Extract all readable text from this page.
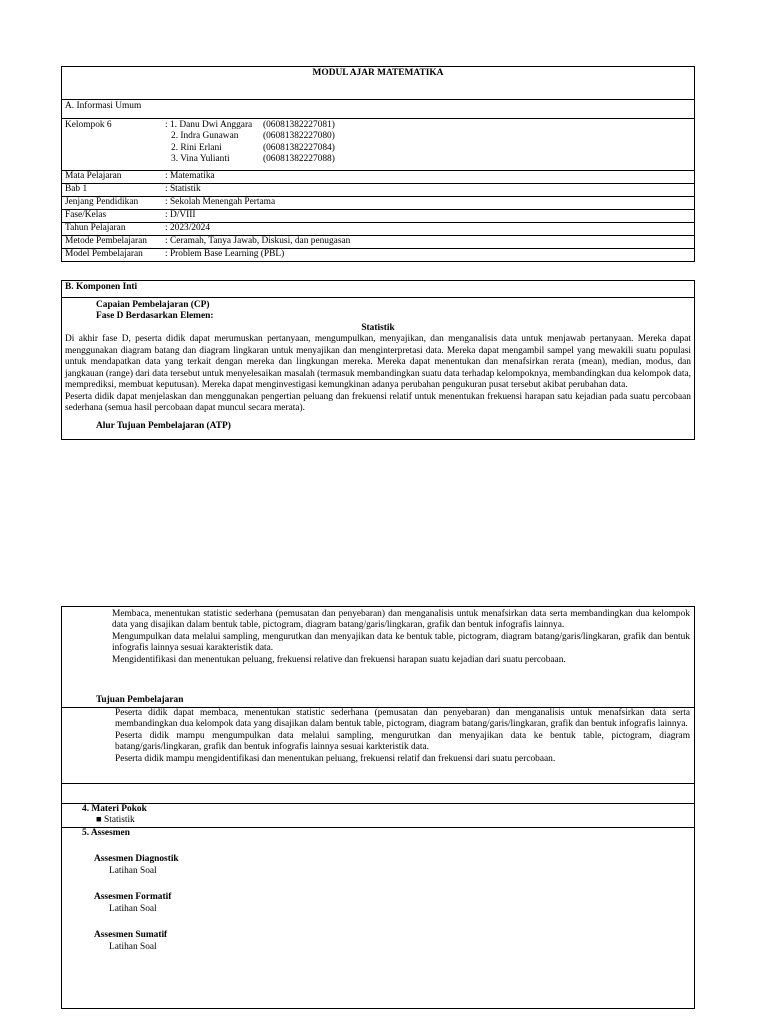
MODUL AJAR MATEMATIKA
A. Informasi Umum
Kelompok 6	: 1. Danu Dwi Anggara	(06081382227081)
2. Indra Gunawan	(06081382227080)
2. Rini Erlani	(06081382227084)
3. Vina Yulianti	(06081382227088)
Mata Pelajaran	: Matematika
Bab 1	: Statistik
Jenjang Pendidikan	: Sekolah Menengah Pertama
Fase/Kelas	: D/VIII
Tahun Pelajaran	: 2023/2024
Metode Pembelajaran	: Ceramah, Tanya Jawab, Diskusi, dan penugasan
Model Pembelajaran	: Problem Base Learning (PBL)
B. Komponen Inti
Capaian Pembelajaran (CP)
Fase D Berdasarkan Elemen:
Statistik

Di akhir fase D, peserta didik dapat merumuskan pertanyaan, mengumpulkan, menyajikan, dan menganalisis data untuk menjawab pertanyaan. Mereka dapat menggunakan diagram batang dan diagram lingkaran untuk menyajikan dan menginterpretasi data. Mereka dapat mengambil sampel yang mewakili suatu populasi untuk mendapatkan data yang terkait dengan mereka dan lingkungan mereka. Mereka dapat menentukan dan menafsirkan rerata (mean), median, modus, dan jangkauan (range) dari data tersebut untuk menyelesaikan masalah (termasuk membandingkan suatu data terhadap kelompoknya, membandingkan dua kelompok data, memprediksi, membuat keputusan). Mereka dapat menginvestigasi kemungkinan adanya perubahan pengukuran pusat tersebut akibat perubahan data.

Peserta didik dapat menjelaskan dan menggunakan pengertian peluang dan frekuensi relatif untuk menentukan frekuensi harapan satu kejadian pada suatu percobaan sederhana (semua hasil percobaan dapat muncul secara merata).

Alur Tujuan Pembelajaran (ATP)

Membaca, menentukan statistic sederhana (pemusatan dan penyebaran) dan menganalisis untuk menafsirkan data serta membandingkan dua kelompok data yang disajikan dalam bentuk table, pictogram, diagram batang/garis/lingkaran, grafik dan bentuk infografis lainnya.

Mengumpulkan data melalui sampling, mengurutkan dan menyajikan data ke bentuk table, pictogram, diagram batang/garis/lingkaran, grafik dan bentuk infografis lainnya sesuai karakteristik data.

Mengidentifikasi dan menentukan peluang, frekuensi relative dan frekuensi harapan suatu kejadian dari suatu percobaan.

Tujuan Pembelajaran

Peserta didik dapat membaca, menentukan statistic sederhana (pemusatan dan penyebaran) dan menganalisis untuk menafsirkan data serta membandingkan dua kelompok data yang disajikan dalam bentuk table, pictogram, diagram batang/garis/lingkaran, grafik dan bentuk infografis lainnya.

Peserta didik mampu mengumpulkan data melalui sampling, mengurutkan dan menyajikan data ke bentuk table, pictogram, diagram batang/garis/lingkaran, grafik dan bentuk infografis lainnya sesuai karkteristik data.

Peserta didik mampu mengidentifikasi dan menentukan peluang, frekuensi relatif dan frekuensi dari suatu percobaan.

4. Materi Pokok
■ Statistik
5. Assesmen
Assesmen Diagnostik
Latihan Soal
Assesmen Formatif
Latihan Soal
Assesmen Sumatif
Latihan Soal
